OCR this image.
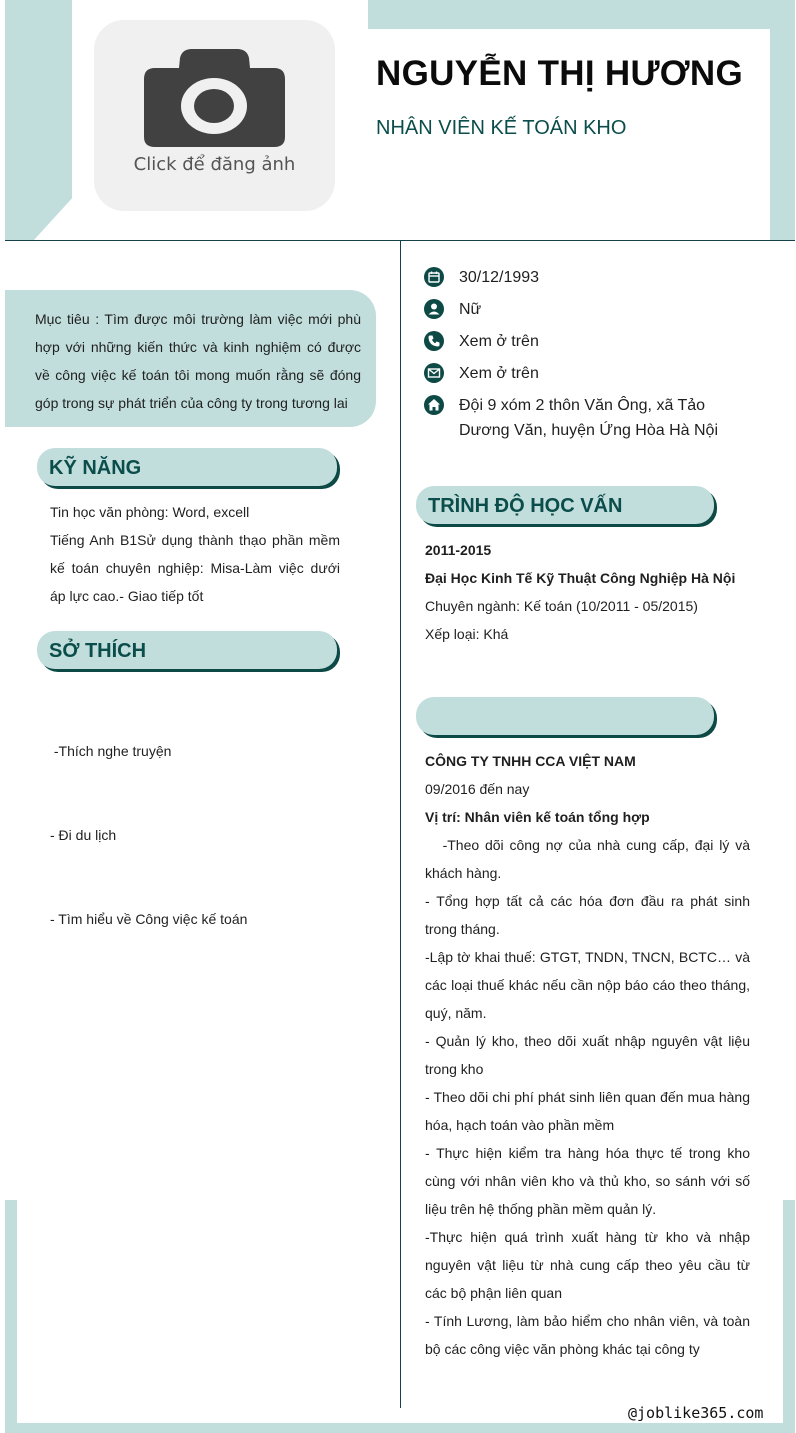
Click để đăng ảnh
NGUYỄN THỊ HƯƠNG
NHÂN VIÊN KẾ TOÁN KHO
Mục tiêu : Tìm được môi trường làm việc mới phù hợp với những kiến thức và kinh nghiệm có được về công việc kế toán tôi mong muốn rằng sẽ đóng góp trong sự phát triển của công ty trong tương lai
KỸ NĂNG
Tin học văn phòng: Word, excell
Tiếng Anh B1Sử dụng thành thạo phần mềm kế toán chuyên nghiệp: Misa-Làm việc dưới áp lực cao.- Giao tiếp tốt
SỞ THÍCH

-Thích nghe truyện

- Đi du lịch

- Tìm hiểu về Công việc kế toán

30/12/1993
Nữ
Xem ở trên
Xem ở trên
Đội 9 xóm 2 thôn Văn Ông, xã Tảo Dương Văn, huyện Ứng Hòa Hà Nội
TRÌNH ĐỘ HỌC VẤN
2011-2015
Đại Học Kinh Tế Kỹ Thuật Công Nghiệp Hà Nội
Chuyên ngành: Kế toán (10/2011 - 05/2015)
Xếp loại: Khá
CÔNG TY TNHH CCA VIỆT NAM
09/2016 đến nay
Vị trí: Nhân viên kế toán tổng hợp
-Theo dõi công nợ của nhà cung cấp, đại lý và khách hàng.
- Tổng hợp tất cả các hóa đơn đầu ra phát sinh trong tháng.
-Lập tờ khai thuế: GTGT, TNDN, TNCN, BCTC… và các loại thuế khác nếu cần nộp báo cáo theo tháng, quý, năm.
- Quản lý kho, theo dõi xuất nhập nguyên vật liệu trong kho
- Theo dõi chi phí phát sinh liên quan đến mua hàng hóa, hạch toán vào phần mềm
- Thực hiện kiểm tra hàng hóa thực tế trong kho cùng với nhân viên kho và thủ kho, so sánh với số liệu trên hệ thống phần mềm quản lý.
-Thực hiện quá trình xuất hàng từ kho và nhập nguyên vật liệu từ nhà cung cấp theo yêu cầu từ các bộ phận liên quan
- Tính Lương, làm bảo hiểm cho nhân viên, và toàn bộ các công việc văn phòng khác tại công ty
@joblike365.com
